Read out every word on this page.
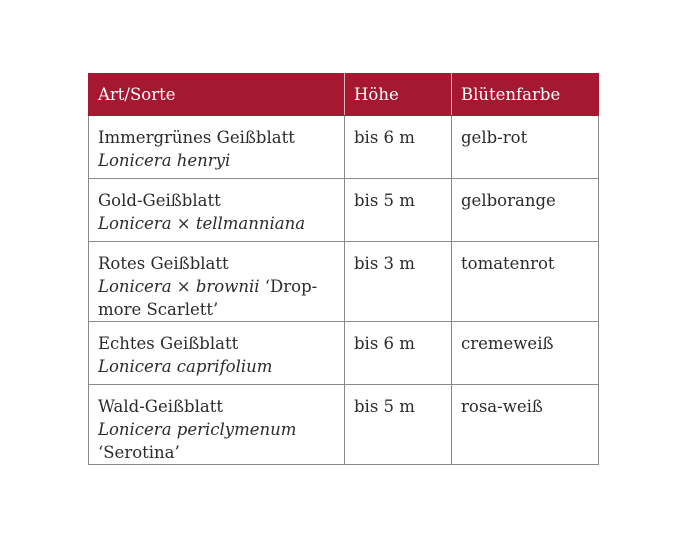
Art/Sorte	Höhe	Blütenfarbe

Immergrünes Geißblatt
Lonicera henryi	bis 6 m	gelb-rot

Gold-Geißblatt
Lonicera × tellmanniana	bis 5 m	gelborange

Rotes Geißblatt
Lonicera × brownii ‘Drop-more Scarlett’	bis 3 m	tomatenrot

Echtes Geißblatt
Lonicera caprifolium	bis 6 m	cremeweiß

Wald-Geißblatt
Lonicera periclymenum ‘Serotina’	bis 5 m	rosa-weiß
